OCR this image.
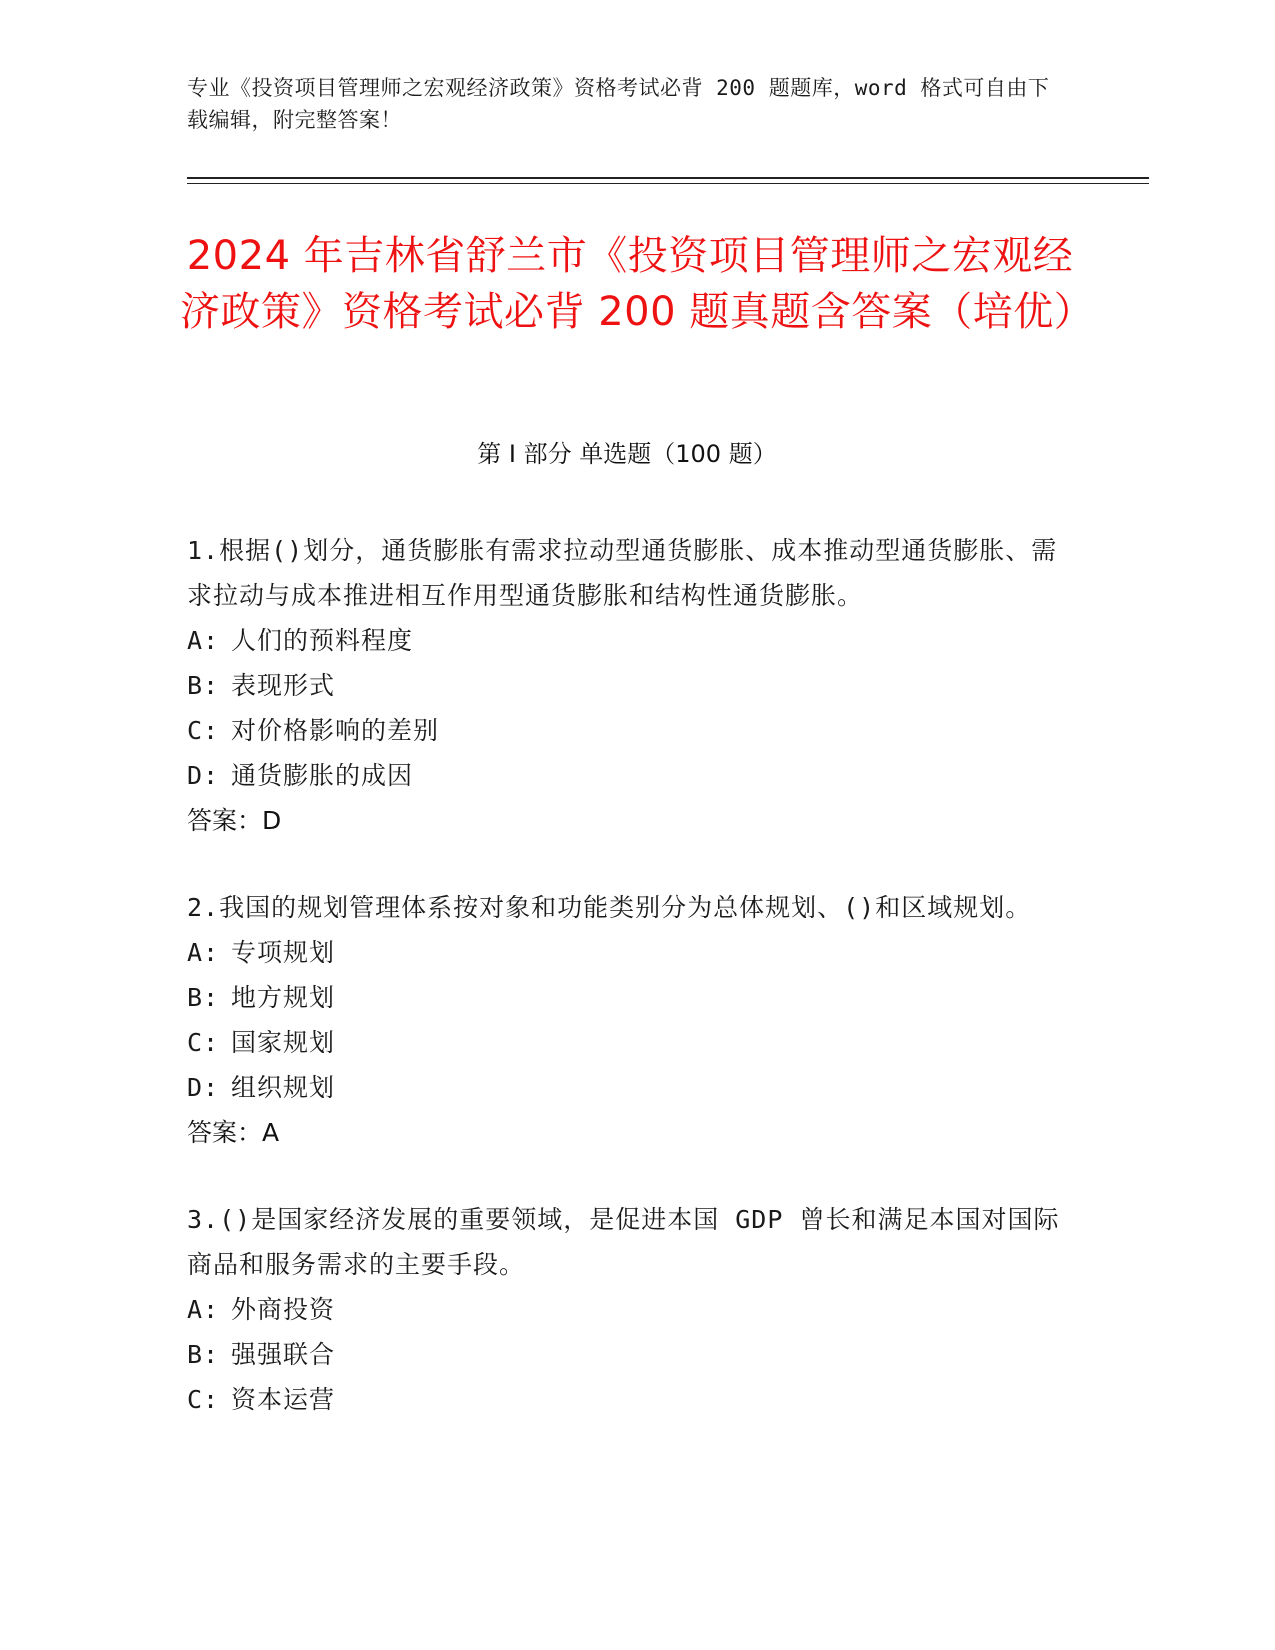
专业《投资项目管理师之宏观经济政策》资格考试必背 200 题题库，word 格式可自由下载编辑，附完整答案！
2024 年吉林省舒兰市《投资项目管理师之宏观经济政策》资格考试必背 200 题真题含答案（培优）
第 I 部分 单选题（100 题）
1.根据()划分，通货膨胀有需求拉动型通货膨胀、成本推动型通货膨胀、需求拉动与成本推进相互作用型通货膨胀和结构性通货膨胀。
A: 人们的预料程度
B: 表现形式
C: 对价格影响的差别
D: 通货膨胀的成因
答案：D
2.我国的规划管理体系按对象和功能类别分为总体规划、()和区域规划。
A: 专项规划
B: 地方规划
C: 国家规划
D: 组织规划
答案：A
3.()是国家经济发展的重要领域，是促进本国 GDP 曾长和满足本国对国际商品和服务需求的主要手段。
A: 外商投资
B: 强强联合
C: 资本运营
